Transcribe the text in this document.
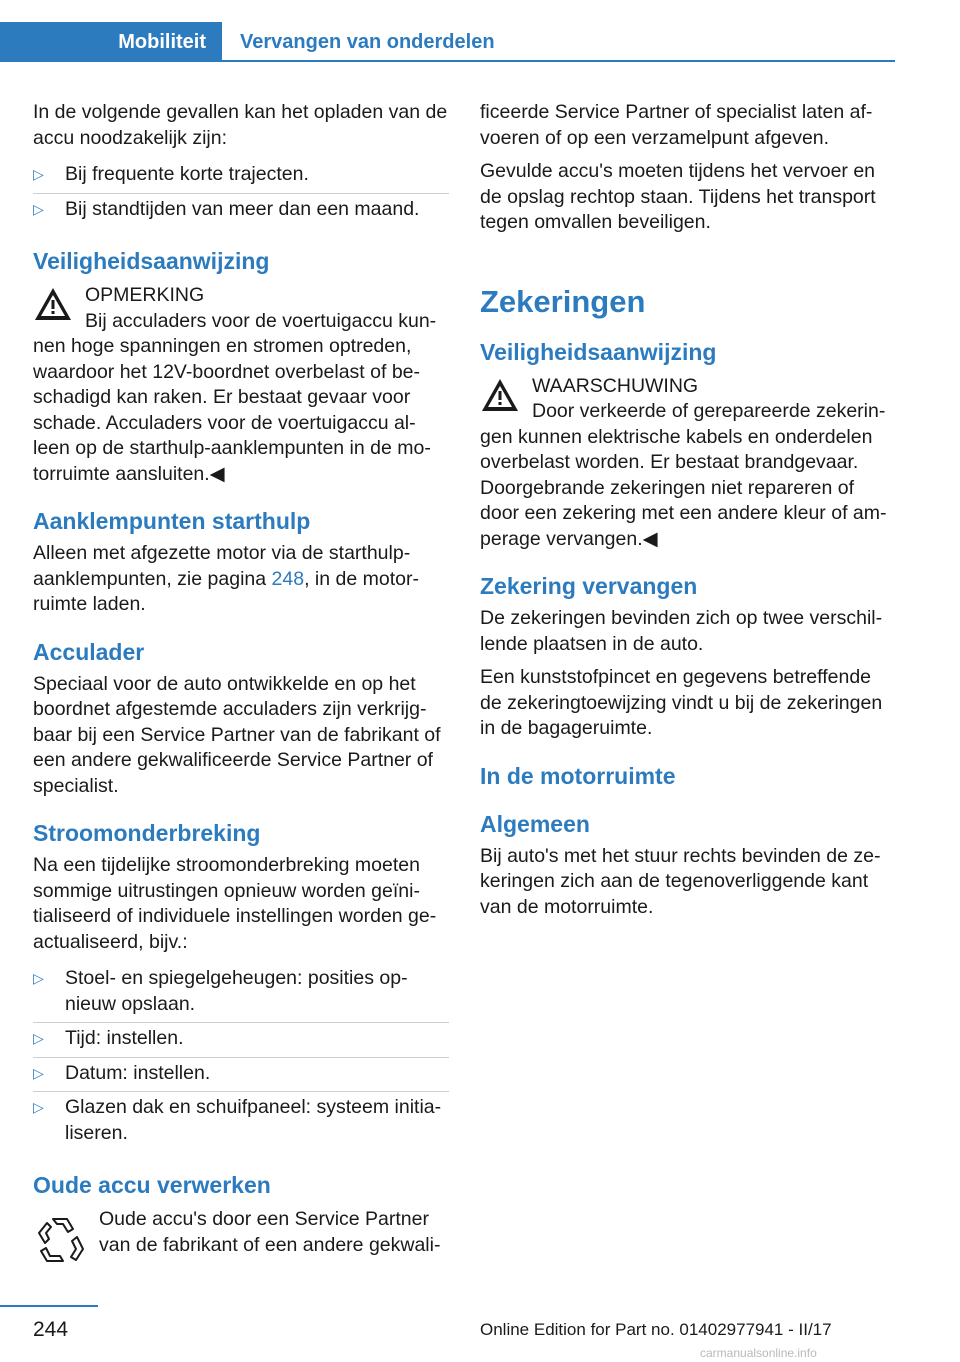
Mobiliteit	Vervangen van onderdelen

In de volgende gevallen kan het opladen van de accu noodzakelijk zijn:

▷ Bij frequente korte trajecten.
▷ Bij standtijden van meer dan een maand.
Veiligheidsaanwijzing
OPMERKING
Bij acculaders voor de voertuigaccu kun-
nen hoge spanningen en stromen optreden, waardoor het 12V-boordnet overbelast of be- schadigd kan raken. Er bestaat gevaar voor schade. Acculaders voor de voertuigaccu al- leen op de starthulp-aanklempunten in de mo- torruimte aansluiten.◀
Aanklempunten starthulp

Alleen met afgezette motor via de starthulp- aanklempunten, zie pagina 248, in de motor- ruimte laden.

Acculader

Speciaal voor de auto ontwikkelde en op het boordnet afgestemde acculaders zijn verkrijg- baar bij een Service Partner van de fabrikant of een andere gekwalificeerde Service Partner of specialist.

Stroomonderbreking

Na een tijdelijke stroomonderbreking moeten sommige uitrustingen opnieuw worden geïni- tialiseerd of individuele instellingen worden ge- actualiseerd, bijv.:

▷ Stoel- en spiegelgeheugen: posities op- nieuw opslaan.
▷ Tijd: instellen.
▷ Datum: instellen.
▷ Glazen dak en schuifpaneel: systeem initia- liseren.
Oude accu verwerken
Oude accu's door een Service Partner van de fabrikant of een andere gekwali-

ficeerde Service Partner of specialist laten af- voeren of op een verzamelpunt afgeven.

Gevulde accu's moeten tijdens het vervoer en de opslag rechtop staan. Tijdens het transport tegen omvallen beveiligen.

Zekeringen
Veiligheidsaanwijzing
WAARSCHUWING
Door verkeerde of gerepareerde zekerin-
gen kunnen elektrische kabels en onderdelen overbelast worden. Er bestaat brandgevaar. Doorgebrande zekeringen niet repareren of door een zekering met een andere kleur of am- perage vervangen.◀
Zekering vervangen

De zekeringen bevinden zich op twee verschil- lende plaatsen in de auto.

Een kunststofpincet en gegevens betreffende de zekeringtoewijzing vindt u bij de zekeringen in de bagageruimte.

In de motorruimte
Algemeen

Bij auto's met het stuur rechts bevinden de ze- keringen zich aan de tegenoverliggende kant van de motorruimte.

244	Online Edition for Part no. 01402977941 - II/17
carmanualsonline.info
